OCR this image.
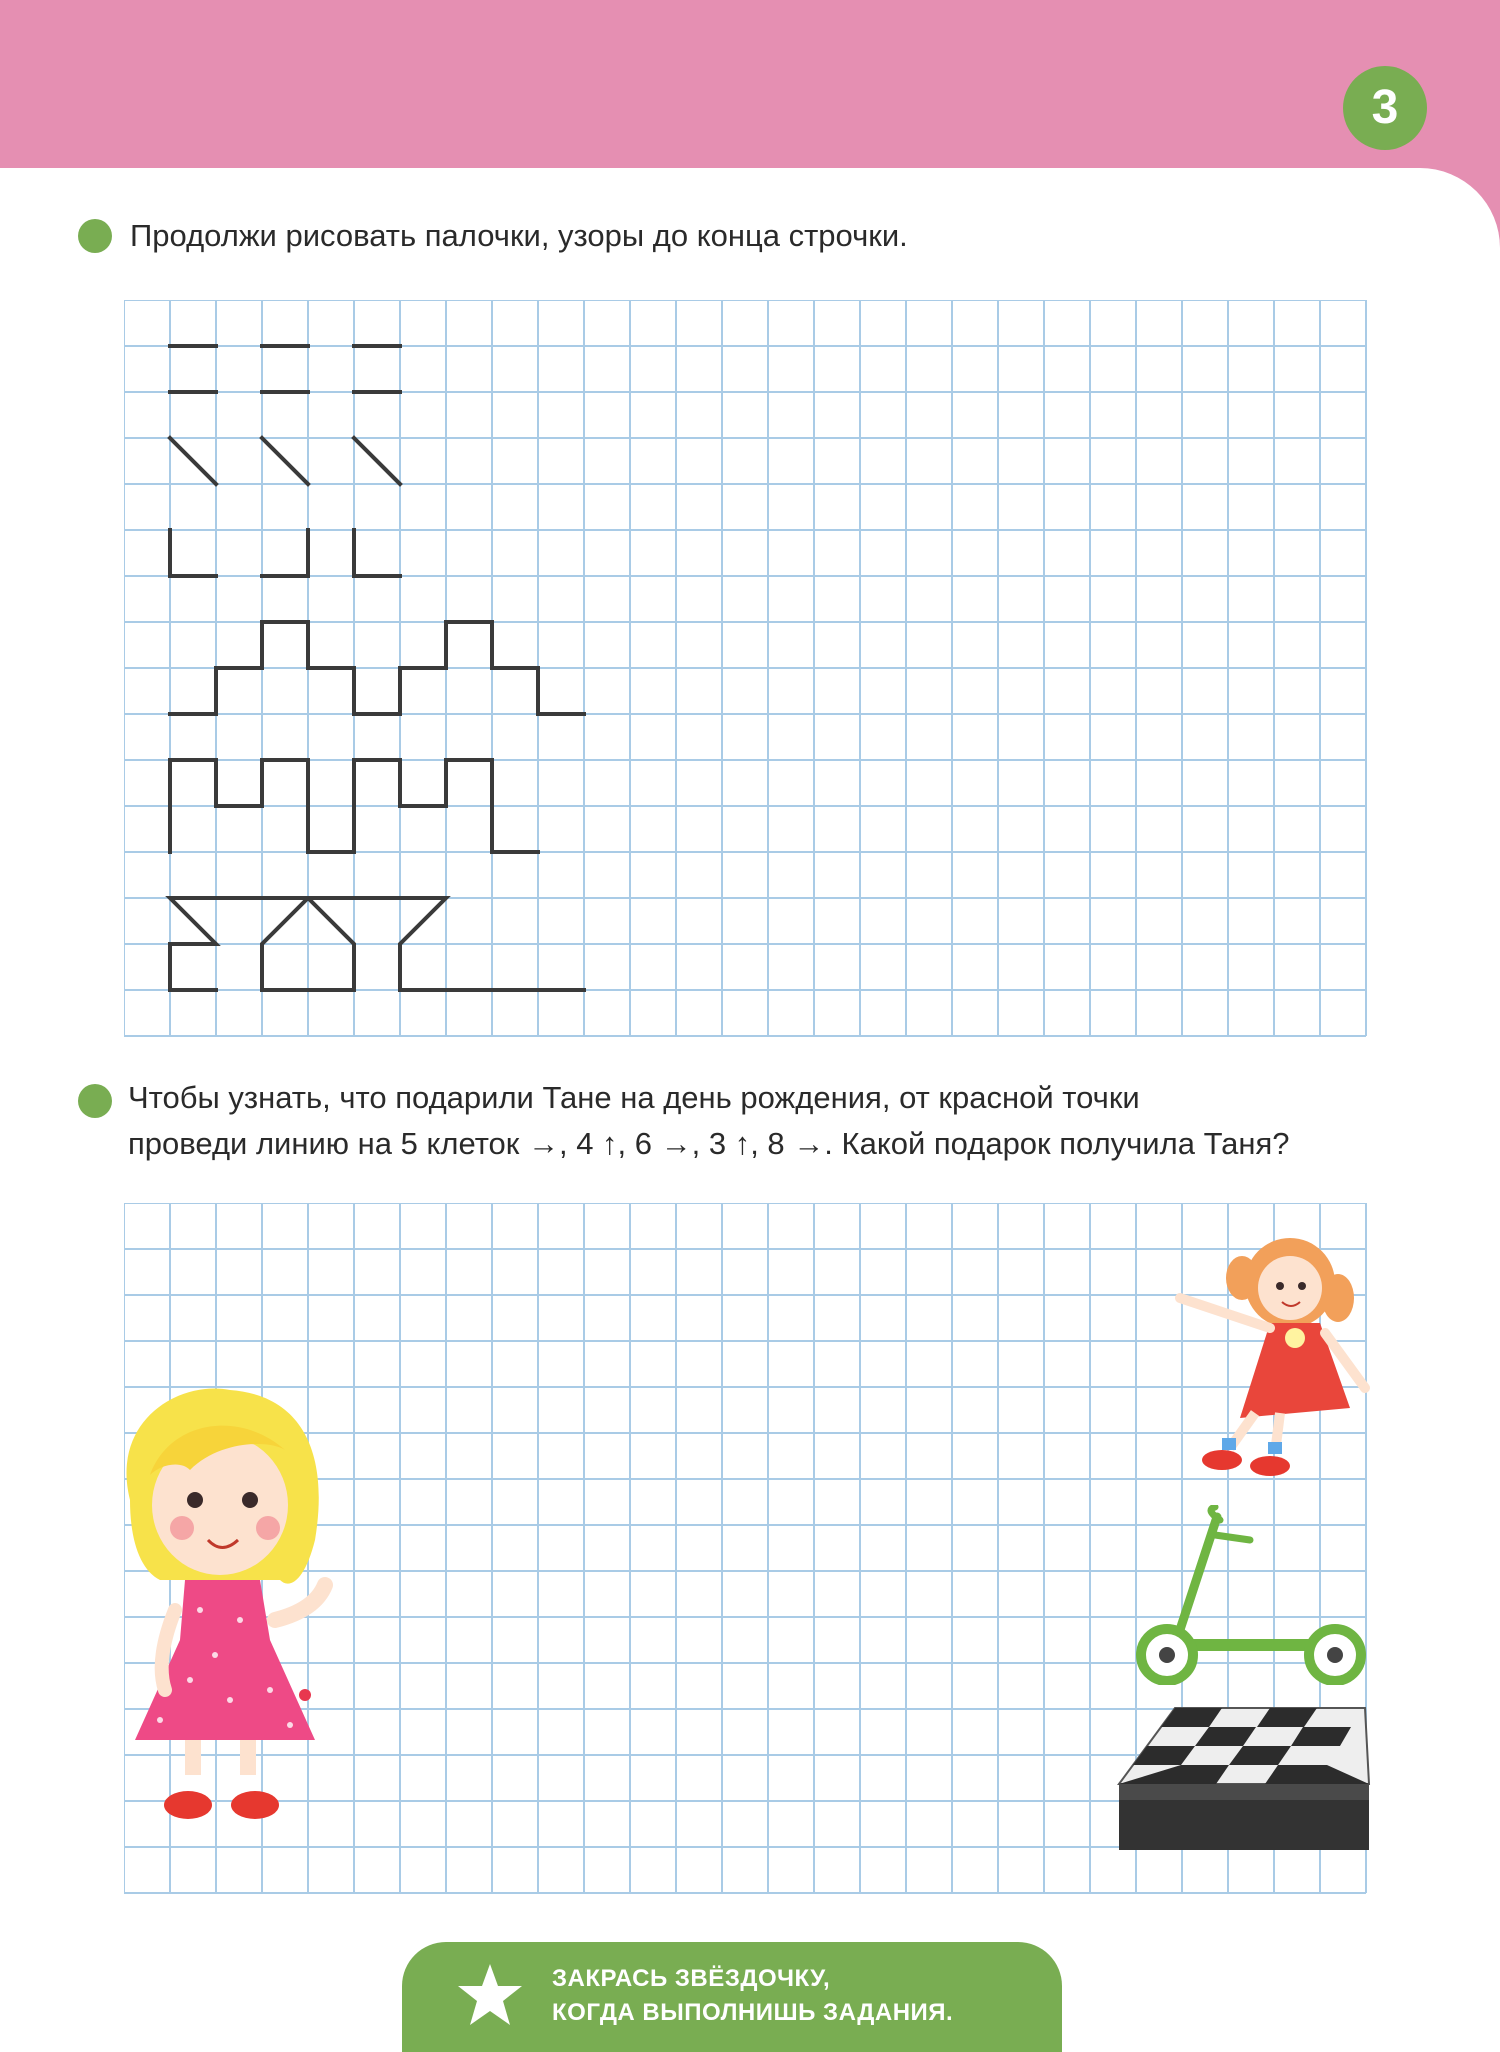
3
Продолжи рисовать палочки, узоры до конца строчки.
Чтобы узнать, что подарили Тане на день рождения, от красной точки
проведи линию на 5 клеток →, 4 ↑, 6 →, 3 ↑, 8 →. Какой подарок получила Таня?
ЗАКРАСЬ ЗВЁЗДОЧКУ,
КОГДА ВЫПОЛНИШЬ ЗАДАНИЯ.
